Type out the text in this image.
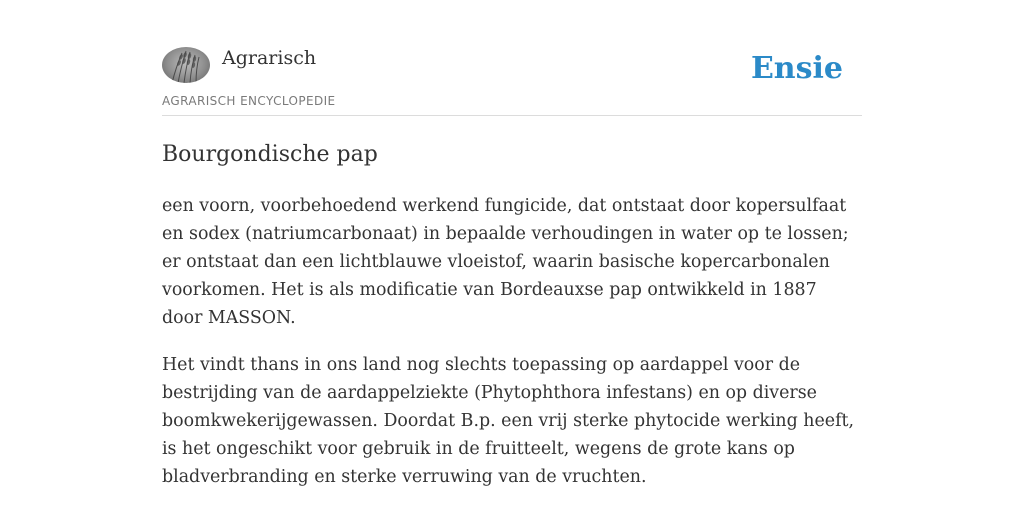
Agrarisch
AGRARISCH ENCYCLOPEDIE
Ensie
Bourgondische pap

een voorn, voorbehoedend werkend fungicide, dat ontstaat door kopersulfaat en sodex (natriumcarbonaat) in bepaalde verhoudingen in water op te lossen; er ontstaat dan een lichtblauwe vloeistof, waarin basische kopercarbonalen voorkomen. Het is als modificatie van Bordeauxse pap ontwikkeld in 1887 door MASSON.

Het vindt thans in ons land nog slechts toepassing op aardappel voor de bestrijding van de aardappelziekte (Phytophthora infestans) en op diverse boomkwekerijgewassen. Doordat B.p. een vrij sterke phytocide werking heeft, is het ongeschikt voor gebruik in de fruitteelt, wegens de grote kans op bladverbranding en sterke verruwing van de vruchten.
